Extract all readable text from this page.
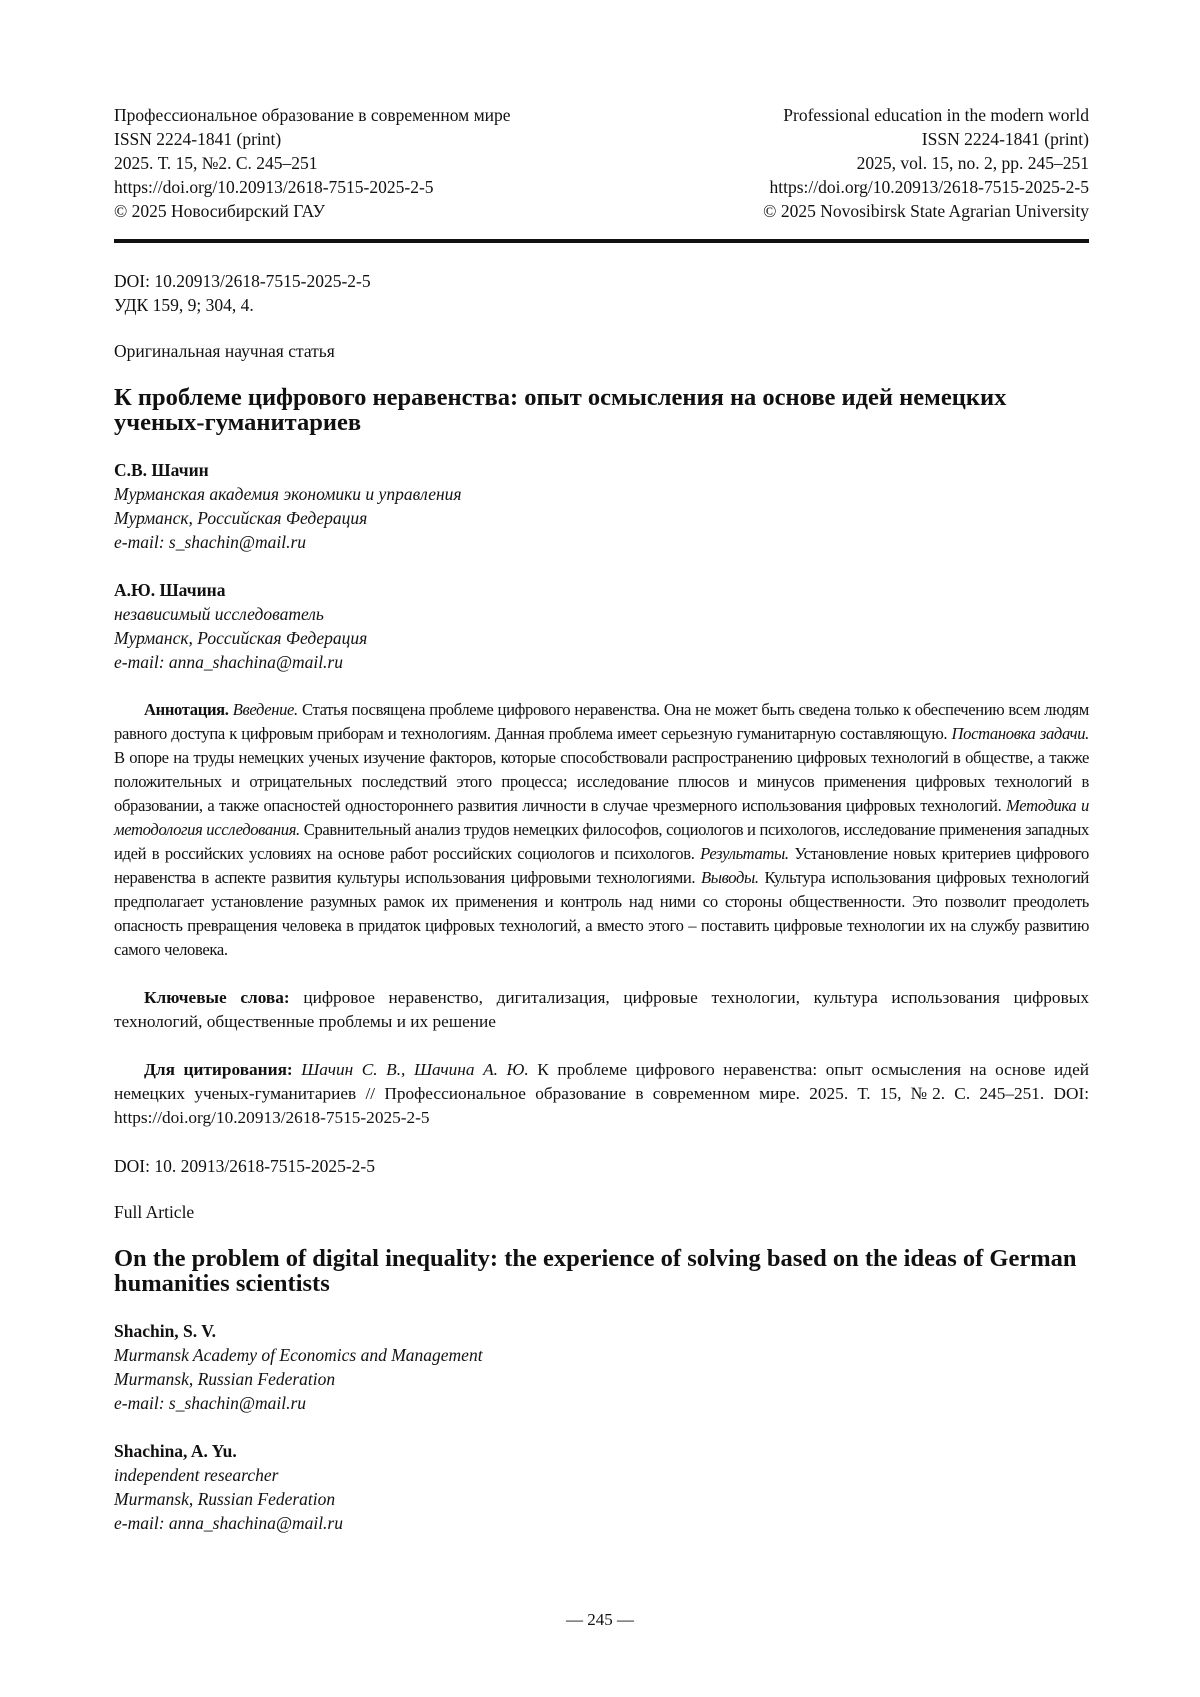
Профессиональное образование в современном мире
ISSN 2224-1841 (print)
2025. Т. 15, №2. С. 245–251
https://doi.org/10.20913/2618-7515-2025-2-5
© 2025 Новосибирский ГАУ
Professional education in the modern world
ISSN 2224-1841 (print)
2025, vol. 15, no. 2, pp. 245–251
https://doi.org/10.20913/2618-7515-2025-2-5
© 2025 Novosibirsk State Agrarian University
DOI: 10.20913/2618-7515-2025-2-5
УДК 159, 9; 304, 4.
Оригинальная научная статья
К проблеме цифрового неравенства: опыт осмысления на основе идей немецких ученых-гуманитариев
С.В. Шачин
Мурманская академия экономики и управления
Мурманск, Российская Федерация
e-mail: s_shachin@mail.ru
А.Ю. Шачина
независимый исследователь
Мурманск, Российская Федерация
e-mail: anna_shachina@mail.ru

Аннотация. Введение. Статья посвящена проблеме цифрового неравенства. Она не может быть сведена только к обеспечению всем людям равного доступа к цифровым приборам и технологиям. Данная проблема имеет серьезную гуманитарную составляющую. Постановка задачи. В опоре на труды немецких ученых изучение факторов, которые способствовали распространению цифровых технологий в обществе, а также положительных и отрицательных последствий этого процесса; исследование плюсов и минусов применения цифровых технологий в образовании, а также опасностей одностороннего развития личности в случае чрезмерного использования цифровых технологий. Методика и методология исследования. Сравнительный анализ трудов немецких философов, социологов и психологов, исследование применения западных идей в российских условиях на основе работ российских социологов и психологов. Результаты. Установление новых критериев цифрового неравенства в аспекте развития культуры использования цифровыми технологиями. Выводы. Культура использования цифровых технологий предполагает установление разумных рамок их применения и контроль над ними со стороны общественности. Это позволит преодолеть опасность превращения человека в придаток цифровых технологий, а вместо этого – поставить цифровые технологии их на службу развитию самого человека.

Ключевые слова: цифровое неравенство, дигитализация, цифровые технологии, культура использования цифровых технологий, общественные проблемы и их решение

Для цитирования: Шачин С. В., Шачина А. Ю. К проблеме цифрового неравенства: опыт осмысления на основе идей немецких ученых-гуманитариев // Профессиональное образование в современном мире. 2025. Т. 15, №2. С. 245–251. DOI: https://doi.org/10.20913/2618-7515-2025-2-5

DOI: 10. 20913/2618-7515-2025-2-5
Full Article
On the problem of digital inequality: the experience of solving based on the ideas of German humanities scientists
Shachin, S. V.
Murmansk Academy of Economics and Management
Murmansk, Russian Federation
e-mail: s_shachin@mail.ru
Shachina, A. Yu.
independent researcher
Murmansk, Russian Federation
e-mail: anna_shachina@mail.ru
— 245 —
